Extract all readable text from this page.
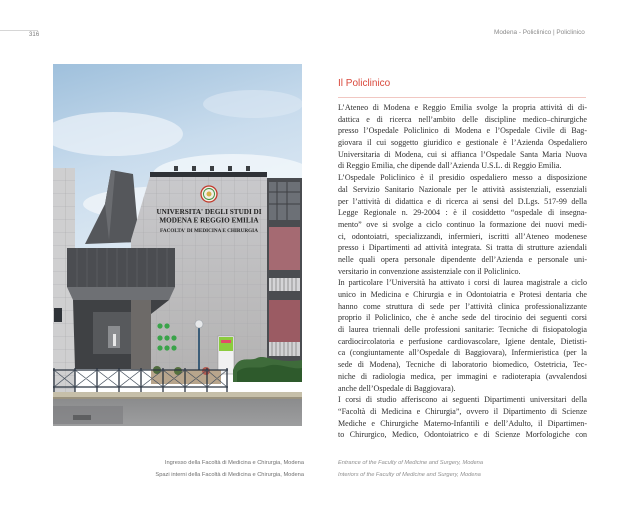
316	Modena - Policlinico | Policlinico
UNIVERSITA' DEGLI STUDI DI
MODENA E REGGIO EMILIA
FACOLTA' DI MEDICINA E CHIRURGIA
Il Policlinico
L’Ateneo di Modena e Reggio Emilia svolge la propria attività di di-
dattica e di ricerca nell’ambito delle discipline medico–chirurgiche
presso l’Ospedale Policlinico di Modena e l’Ospedale Civile di Bag-
giovara il cui soggetto giuridico e gestionale è l’Azienda Ospedaliero
Universitaria di Modena, cui si affianca l’Ospedale Santa Maria Nuova
di Reggio Emilia, che dipende dall’Azienda U.S.L. di Reggio Emilia.
L’Ospedale Policlinico è il presidio ospedaliero messo a disposizione
dal Servizio Sanitario Nazionale per le attività assistenziali, essenziali
per l’attività di didattica e di ricerca ai sensi del D.Lgs. 517-99 della
Legge Regionale n. 29-2004 : è il cosiddetto “ospedale di insegna-
mento” ove si svolge a ciclo continuo la formazione dei nuovi medi-
ci, odontoiatri, specializzandi, infermieri, iscritti all’Ateneo modenese
presso i Dipartimenti ad attività integrata. Si tratta di strutture aziendali
nelle quali opera personale dipendente dell’Azienda e personale uni-
versitario in convenzione assistenziale con il Policlinico.
In particolare l’Università ha attivato i corsi di laurea magistrale a ciclo
unico in Medicina e Chirurgia e in Odontoiatria e Protesi dentaria che
hanno come struttura di sede per l’attività clinica professionalizzante
proprio il Policlinico, che è anche sede del tirocinio dei seguenti corsi
di laurea triennali delle professioni sanitarie: Tecniche di fisiopatologia
cardiocircolatoria e perfusione cardiovascolare, Igiene dentale, Dietisti-
ca (congiuntamente all’Ospedale di Baggiovara), Infermieristica (per la
sede di Modena), Tecniche di laboratorio biomedico, Ostetricia, Tec-
niche di radiologia medica, per immagini e radioterapia (avvalendosi
anche dell’Ospedale di Baggiovara).
I corsi di studio afferiscono ai seguenti Dipartimenti universitari della
“Facoltà di Medicina e Chirurgia”, ovvero il Dipartimento di Scienze
Mediche e Chirurgiche Materno-Infantili e dell’Adulto, il Dipartimen-
to Chirurgico, Medico, Odontoiatrico e di Scienze Morfologiche con
Ingresso della Facoltà di Medicina e Chirurgia, Modena
Spazi interni della Facoltà di Medicina e Chirurgia, Modena
Entrance of the Faculty of Medicine and Surgery, Modena
Interiors of the Faculty of Medicine and Surgery, Modena
